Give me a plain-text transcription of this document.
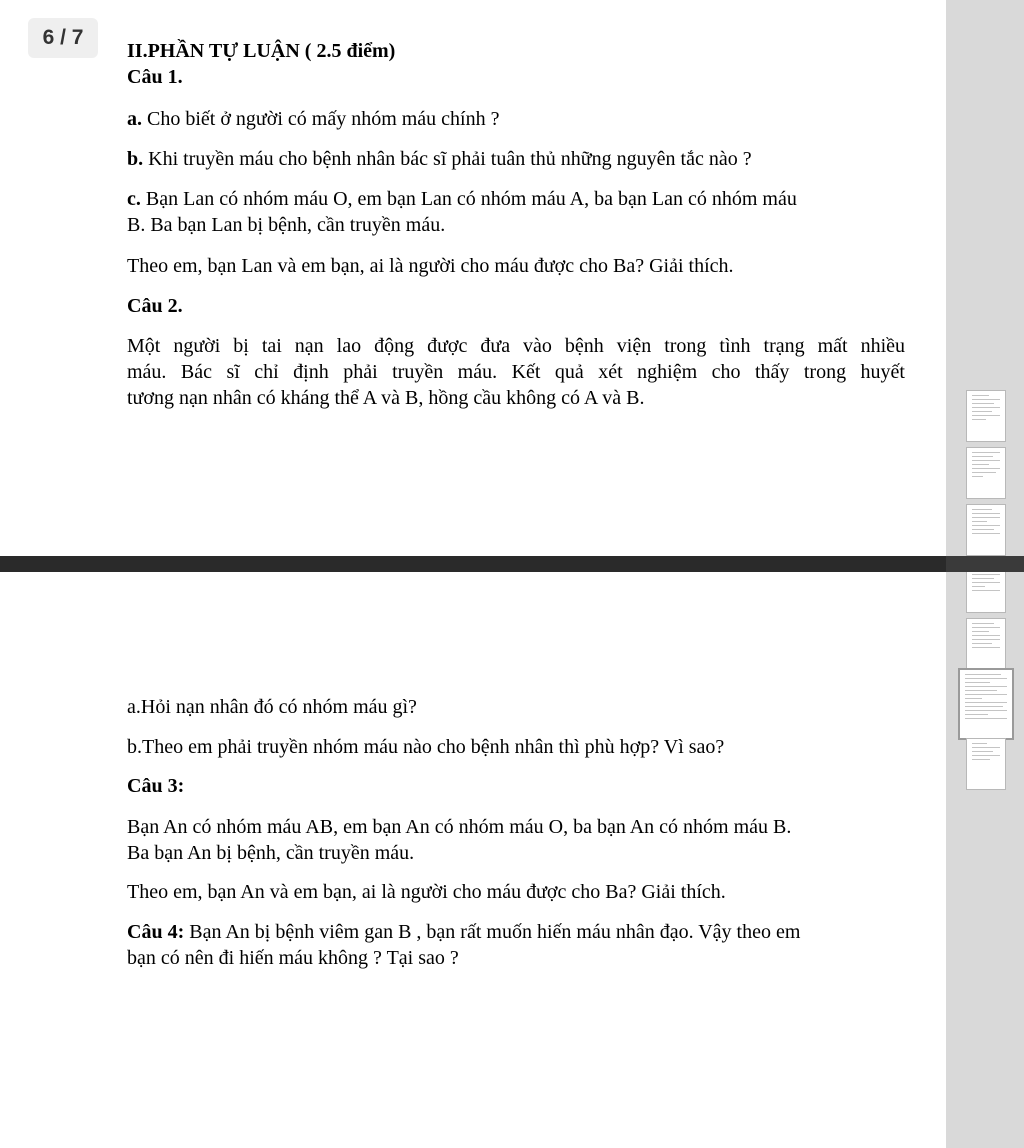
6 / 7
II.PHẦN TỰ LUẬN ( 2.5 điểm)
Câu 1.
a. Cho biết ở người có mấy nhóm máu chính ?
b. Khi truyền máu cho bệnh nhân bác sĩ phải tuân thủ những nguyên tắc nào ?
c. Bạn Lan có nhóm máu O, em bạn Lan có nhóm máu A, ba bạn Lan có nhóm máu
B. Ba bạn Lan bị bệnh, cần truyền máu.
Theo em, bạn Lan và em bạn, ai là người cho máu được cho Ba? Giải thích.
Câu 2.
Một người bị tai nạn lao động được đưa vào bệnh viện trong tình trạng mất nhiều
máu. Bác sĩ chỉ định phải truyền máu. Kết quả xét nghiệm cho thấy trong huyết
tương nạn nhân có kháng thể A và B, hồng cầu không có A và B.
a.Hỏi nạn nhân đó có nhóm máu gì?
b.Theo em phải truyền nhóm máu nào cho bệnh nhân thì phù hợp? Vì sao?
Câu 3:
Bạn An có nhóm máu AB, em bạn An có nhóm máu O, ba bạn An có nhóm máu B.
Ba bạn An bị bệnh, cần truyền máu.
Theo em, bạn An và em bạn, ai là người cho máu được cho Ba? Giải thích.
Câu 4: Bạn An bị bệnh viêm gan B , bạn rất muốn hiến máu nhân đạo. Vậy theo em
bạn có nên đi hiến máu không ? Tại sao ?
